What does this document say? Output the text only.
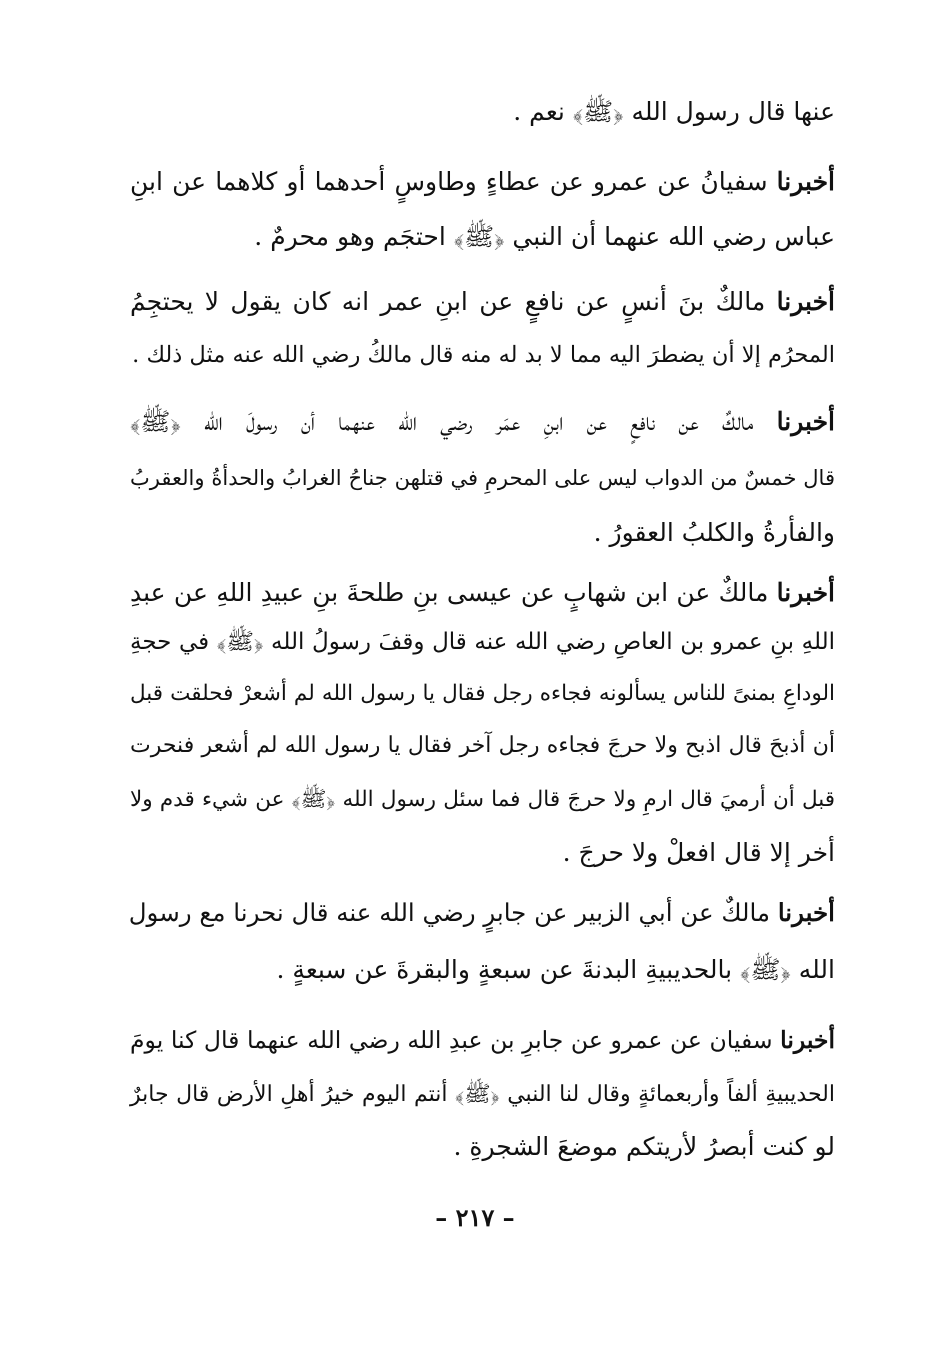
عنها قال رسول الله ﴿ﷺ﴾ نعم .
أخبرنا سفيانُ عن عمرو عن عطاءٍ وطاوسٍ أحدهما أو كلاهما عن ابنِ
عباس رضي الله عنهما أن النبي ﴿ﷺ﴾ احتجَم وهو محرمٌ .
أخبرنا مالكٌ بنَ أنسٍ عن نافعٍ عن ابنِ عمر انه كان يقول لا يحتجِمُ
المحرُم إلا أن يضطرَ اليه مما لا بد له منه قال مالكُ رضي الله عنه مثل ذلك .
أخبرنا مالكٌ عن نافعٍ عن ابنِ عمَر رضي الله عنهما أن رسولَ الله ﴿ﷺ﴾
قال خمسٌ من الدواب ليس على المحرمِ في قتلهن جناحُ الغرابُ والحدأةُ والعقربُ
والفأرةُ والكلبُ العقورُ .
أخبرنا مالكٌ عن ابن شهابٍ عن عيسى بنِ طلحةَ بنِ عبيدِ اللهِ عن عبدِ
اللهِ بنِ عمرو بن العاصِ رضي الله عنه قال وقفَ رسولُ الله ﴿ﷺ﴾ في حجةِ
الوداعِ بمنىً للناس يسألونه فجاءه رجل فقال يا رسول الله لم أشعرْ فحلقت قبل
أن أذبحَ قال اذبح ولا حرجَ فجاءه رجل آخر فقال يا رسول الله لم أشعر فنحرت
قبل أن أرميَ قال ارمِ ولا حرجَ قال فما سئل رسول الله ﴿ﷺ﴾ عن شيء قدم ولا
أخر إلا قال افعلْ ولا حرجَ .
أخبرنا مالكٌ عن أبي الزبير عن جابرٍ رضي الله عنه قال نحرنا مع رسول
الله ﴿ﷺ﴾ بالحديبيةِ البدنةَ عن سبعةٍ والبقرةَ عن سبعةٍ .
أخبرنا سفيان عن عمرو عن جابرِ بن عبدِ الله رضي الله عنهما قال كنا يومَ
الحديبيةِ ألفاً وأربعمائةٍ وقال لنا النبي ﴿ﷺ﴾ أنتم اليوم خيرُ أهلِ الأرض قال جابرٌ
لو كنت أبصرُ لأريتكم موضعَ الشجرةِ .
– ٢١٧ –
